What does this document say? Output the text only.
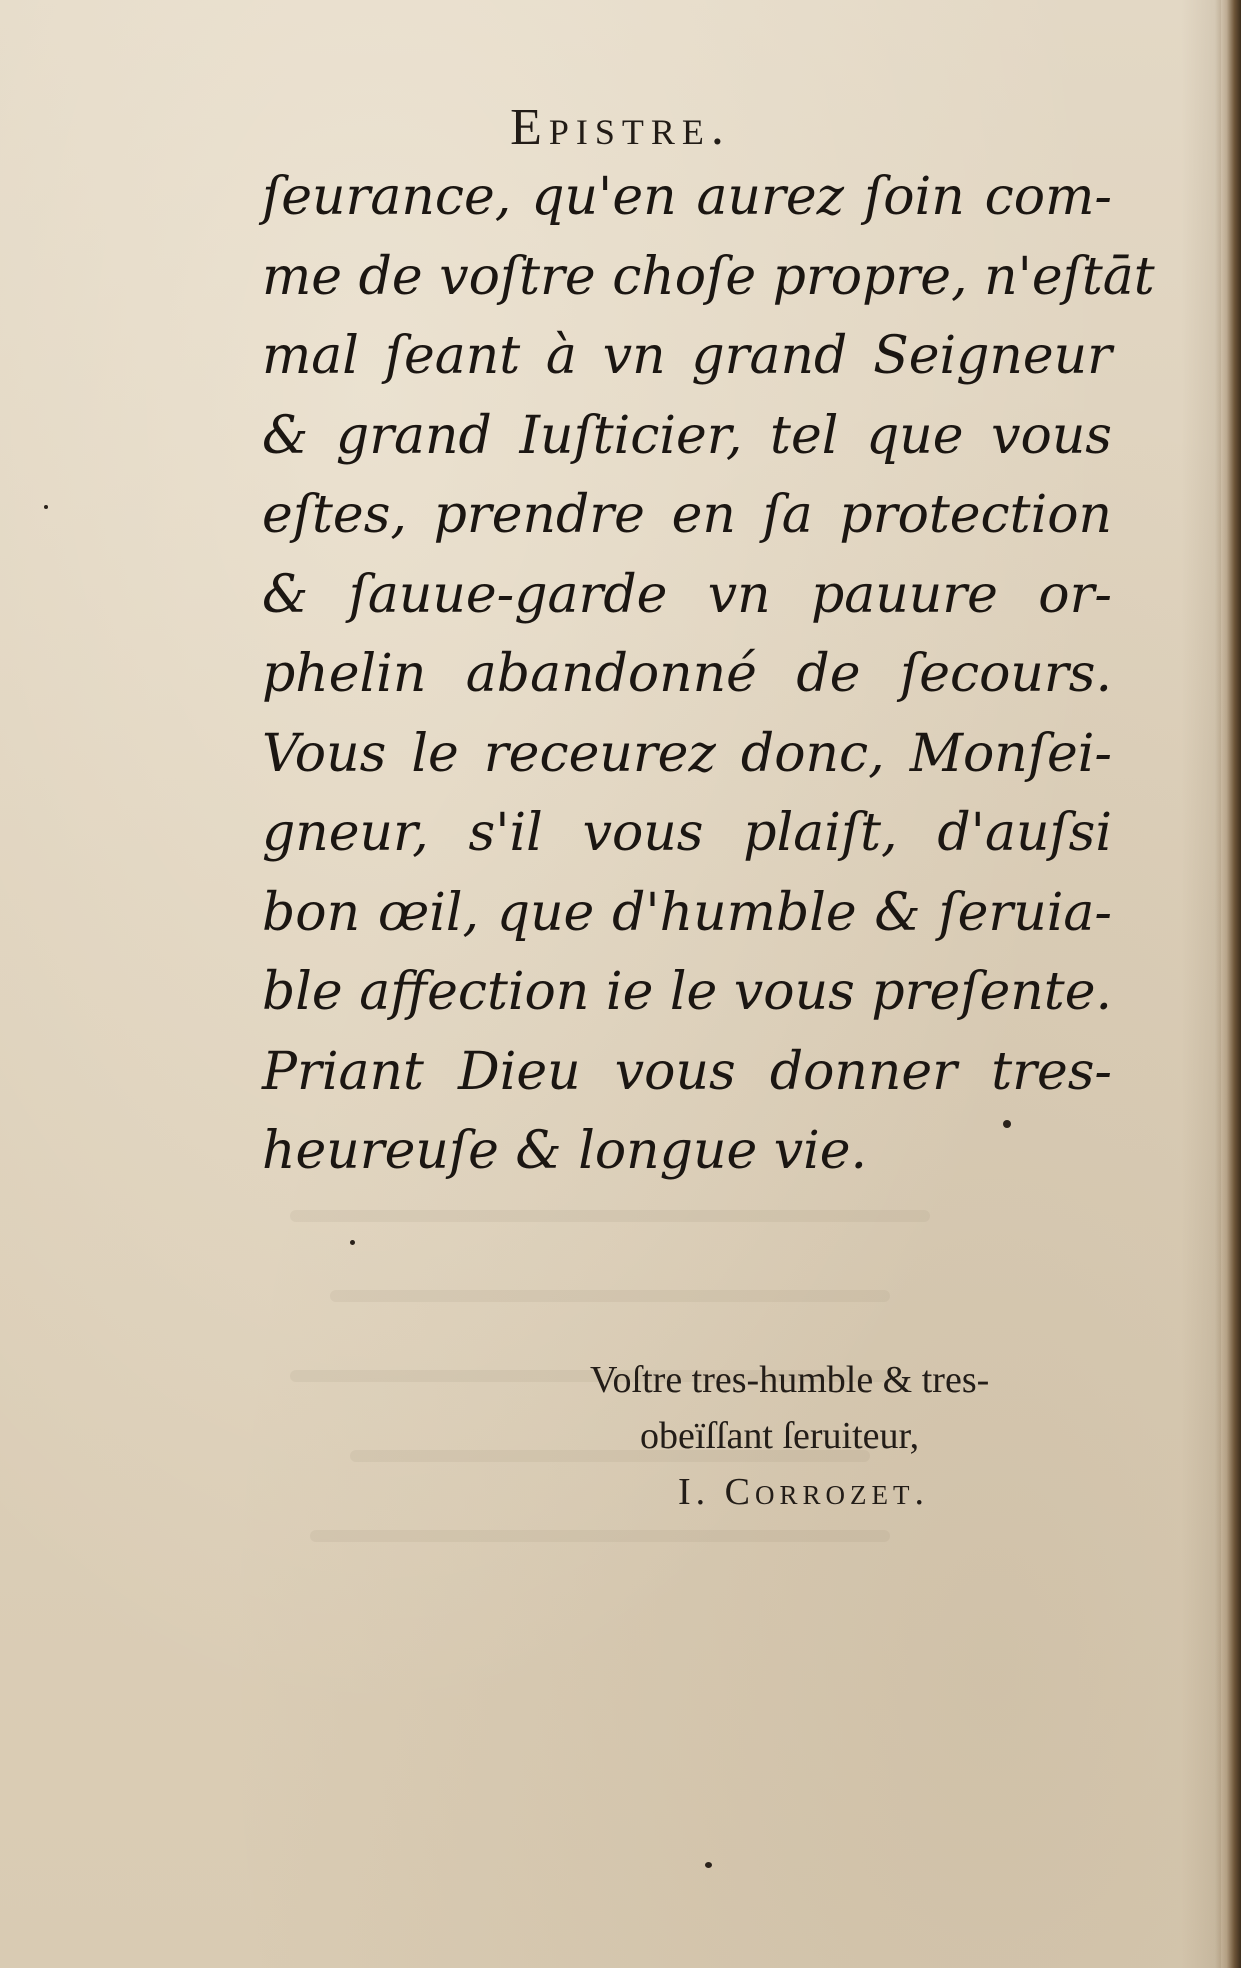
Epistre.
ſeurance, qu'en aurez ſoin com-
me de voſtre choſe propre, n'eſtāt
mal ſeant à vn grand Seigneur
& grand Iuſticier, tel que vous
eſtes, prendre en ſa protection
& ſauue-garde vn pauure or-
phelin abandonné de ſecours.
Vous le receurez donc, Monſei-
gneur, s'il vous plaiſt, d'auſsi
bon œil, que d'humble & ſeruia-
ble affection ie le vous preſente.
Priant Dieu vous donner tres-
heureuſe & longue vie.
Voſtre tres-humble & tres-
obeïſſant ſeruiteur,
I. Corrozet.
